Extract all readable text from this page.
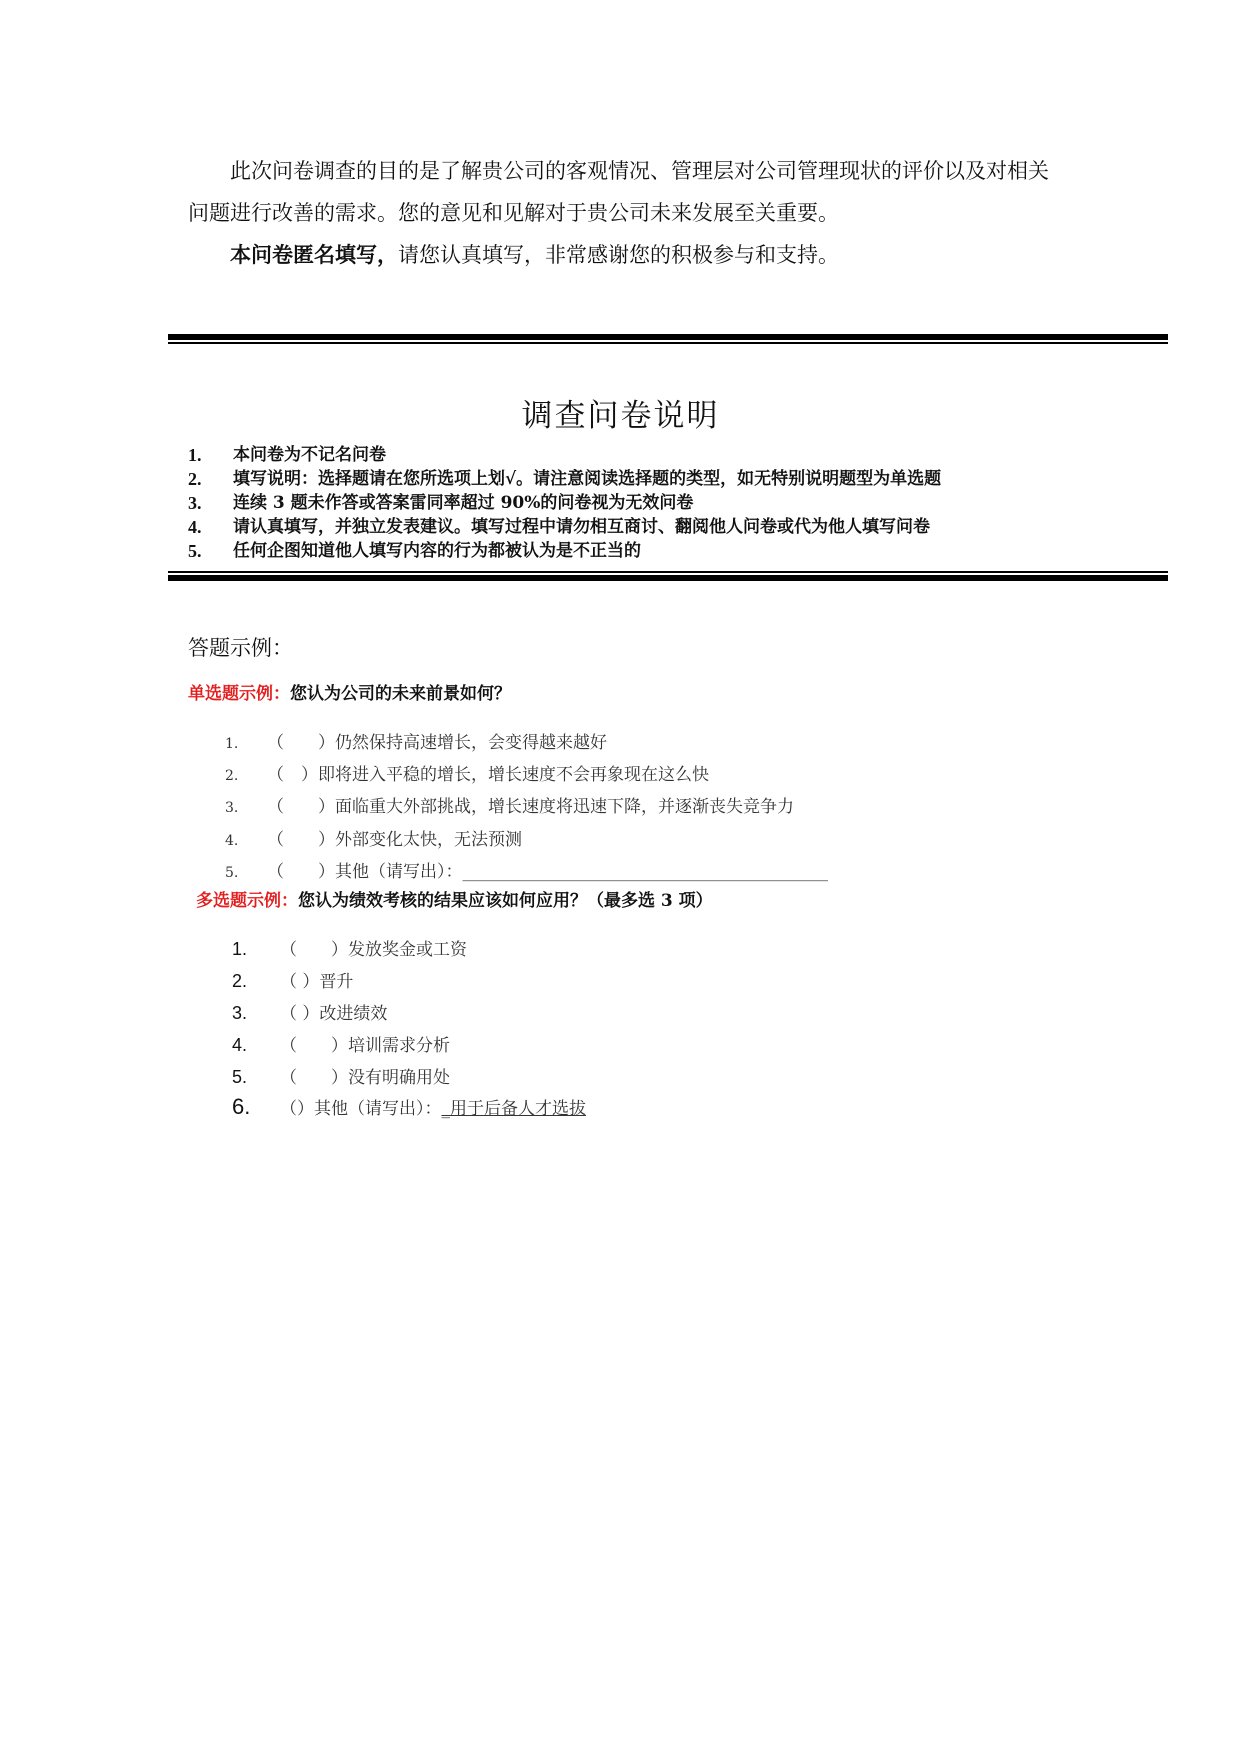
此次问卷调查的目的是了解贵公司的客观情况、管理层对公司管理现状的评价以及对相关问题进行改善的需求。您的意见和见解对于贵公司未来发展至关重要。

本问卷匿名填写，请您认真填写，非常感谢您的积极参与和支持。

调查问卷说明
1.	本问卷为不记名问卷
2.	填写说明：选择题请在您所选项上划√。请注意阅读选择题的类型，如无特别说明题型为单选题
3.	连续 3 题未作答或答案雷同率超过 90%的问卷视为无效问卷
4.	请认真填写，并独立发表建议。填写过程中请勿相互商讨、翻阅他人问卷或代为他人填写问卷
5.	任何企图知道他人填写内容的行为都被认为是不正当的
答题示例：
单选题示例：您认为公司的未来前景如何？
1. （　　）仍然保持高速增长，会变得越来越好
2. （　）即将进入平稳的增长，增长速度不会再象现在这么快
3. （　　）面临重大外部挑战，增长速度将迅速下降，并逐渐丧失竞争力
4. （　　）外部变化太快，无法预测
5. （　　）其他（请写出）：___________________________________________
多选题示例：您认为绩效考核的结果应该如何应用？（最多选 3 项）
1. （　　）发放奖金或工资
2. （ ）晋升
3. （ ）改进绩效
4. （　　）培训需求分析
5. （　　）没有明确用处
6. （）其他（请写出）：_用于后备人才选拔
